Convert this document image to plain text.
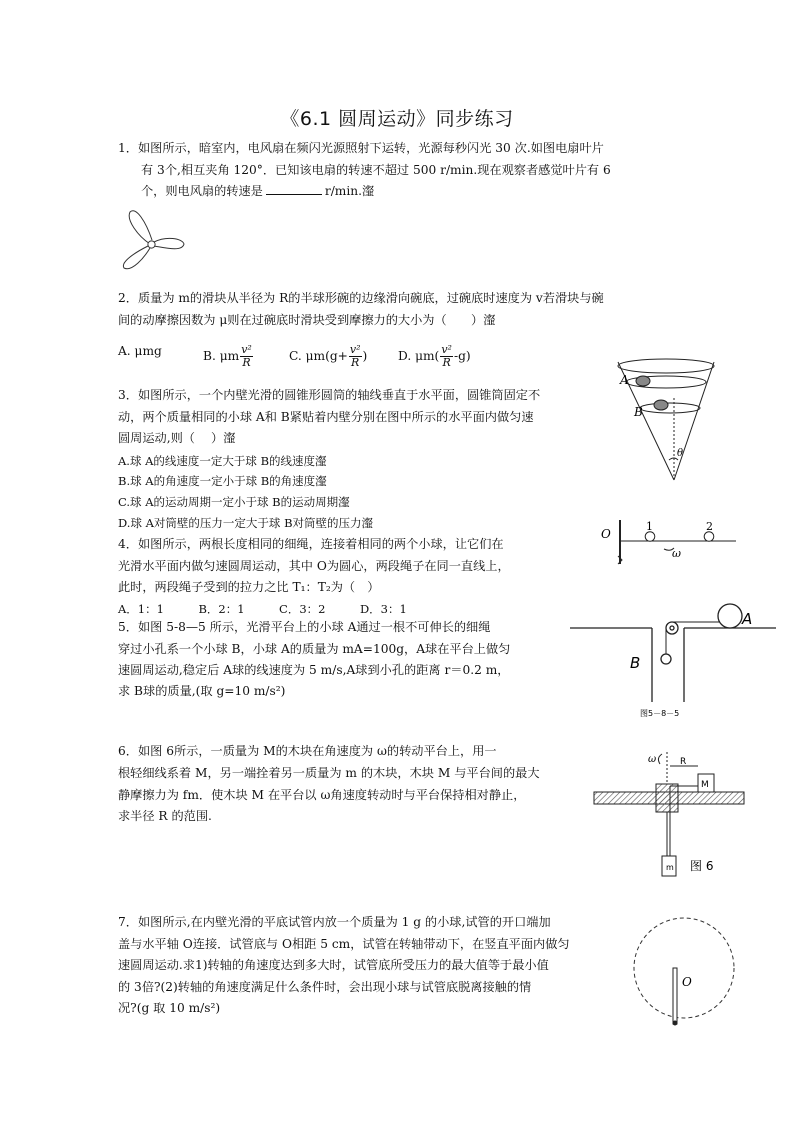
《6.1 圆周运动》同步练习
1．如图所示，暗室内，电风扇在频闪光源照射下运转，光源每秒闪光 30 次.如图电扇叶片
有 3个,相互夹角 120°．已知该电扇的转速不超过 500 r/min.现在观察者感觉叶片有 6
个，则电风扇的转速是	r/min.瀣
2．质量为 m的滑块从半径为 R的半球形碗的边缘滑向碗底，过碗底时速度为 v若滑块与碗
间的动摩擦因数为 μ则在过碗底时滑块受到摩擦力的大小为（　　）瀣
A. μmg	B. μm $\frac{\text{v²}}{R}$	C. $\mu m(g+ \frac{\text{v²}}{R}$ )	D. $\mu m( \frac{\text{v²}}{R} -g)$
3．如图所示，一个内壁光滑的圆锥形圆筒的轴线垂直于水平面，圆锥筒固定不
动，两个质量相同的小球 A和 B紧贴着内壁分别在图中所示的水平面内做匀速
圆周运动,则（　 ）瀣
A.球 A的线速度一定大于球 B的线速度瀣
B.球 A的角速度一定小于球 B的角速度瀣
C.球 A的运动周期一定小于球 B的运动周期瀣
D.球 A对筒壁的压力一定大于球 B对筒壁的压力瀣
A
B
θ
4．如图所示，两根长度相同的细绳，连接着相同的两个小球，让它们在
光滑水平面内做匀速圆周运动，其中 O为圆心，两段绳子在同一直线上，
此时，两段绳子受到的拉力之比 T₁：T₂为（　）
A．1：1　　　B．2：1　　　C．3：2　　　D．3：1
O
1	2
ω
5．如图 5-8—5 所示，光滑平台上的小球 A通过一根不可伸长的细绳
穿过小孔系一个小球 B，小球 A的质量为 mA=100g，A球在平台上做匀
速圆周运动,稳定后 A球的线速度为 5 m/s,A球到小孔的距离 r＝0.2 m，
求 B球的质量,(取 g=10 m/s²)
A
B
图5－8－5
6．如图 6所示，一质量为 M的木块在角速度为 ω的转动平台上，用一
根轻细线系着 M，另一端拴着另一质量为 m 的木块，木块 M 与平台间的最大
静摩擦力为 fm．使木块 M 在平台以 ω角速度转动时与平台保持相对静止，
求半径 R 的范围.
ω	R
M
m 图 6
7．如图所示,在内壁光滑的平底试管内放一个质量为 1 g 的小球,试管的开口端加
盖与水平轴 O连接．试管底与 O相距 5 cm，试管在转轴带动下，在竖直平面内做匀
速圆周运动.求1)转轴的角速度达到多大时，试管底所受压力的最大值等于最小值
的 3倍?(2)转轴的角速度满足什么条件时，会出现小球与试管底脱离接触的情
况?(g 取 10 m/s²)
O
